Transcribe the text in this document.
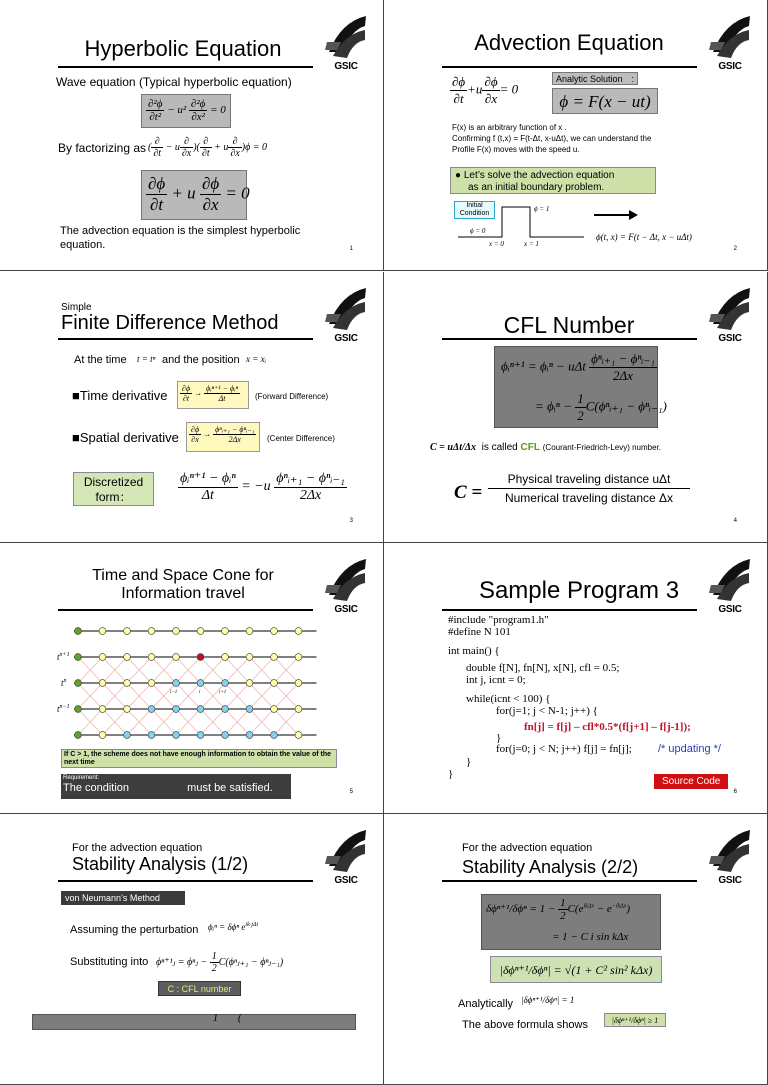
Hyperbolic Equation
GSIC
Wave equation (Typical hyperbolic equation)
$\frac{\text{∂²ϕ}}{\text{∂t²}} - u^2 \frac{\text{∂²ϕ}}{\text{∂x²}} = 0$
By factorizing as ( $\frac{\partial}{\partial t} - u \frac{\partial}{\partial x}$ )( $\frac{\partial}{\partial t} + u \frac{\partial}{\partial x} )\phi = 0$
$\frac{\partial\phi}{\partial t} + u \frac{\partial\phi}{\partial x} = 0$
The advection equation is the simplest hyperbolic equation.	1
Advection Equation
GSIC
$\frac{\partial\phi}{\partial t} +u \frac{\partial\phi}{\partial x} = 0$
Analytic Solution　:
ϕ = F(x − ut)
F(x) is an arbitrary function of x .
Confirming f (t,x) = F(t-Δt, x-uΔt), we can understand the
Profile F(x) moves with the speed u.
● Let’s solve the advection equation
as an initial boundary problem.
Initial
Condition
ϕ = 1
ϕ = 0
x = 0	x = 1
ϕ(t, x) = F(t − Δt, x − uΔt)
2
Simple
Finite Difference Method
GSIC
At the time t = tⁿ and the position x = xᵢ
■Time derivative $\frac{\partial\phi}{\partial t} \to \frac{\text{ϕᵢⁿ⁺¹ − ϕᵢⁿ}}{\Delta t}$ (Forward Difference)
■Spatial derivative $\frac{\partial\phi}{\partial x} \to \frac{\text{ϕⁿᵢ₊₁ − ϕⁿᵢ₋₁}}{2\Delta x}$ (Center Difference)
Discretized form：	$\frac{\text{ϕᵢⁿ⁺¹ − ϕᵢⁿ}}{\Delta t} = -u \frac{\text{ϕⁿᵢ₊₁ − ϕⁿᵢ₋₁}}{2\Delta x}$
3
CFL Number
GSIC
ϕᵢⁿ⁺¹ = ϕᵢⁿ − uΔt $\frac{\text{ϕⁿᵢ₊₁ − ϕⁿᵢ₋₁}}{2\Delta x}$
= ϕᵢⁿ − $\frac{1}{2}$ C(ϕⁿᵢ₊₁ − ϕⁿᵢ₋₁)
C = uΔt/Δx is called CFL (Courant-Friedrich-Levy) number.
C =
Physical traveling distance uΔt
Numerical traveling distance Δx
4
Time and Space Cone for
Information travel
GSIC
$t^{n+1}$
$t^n$
$t^{n-1}$
i−1	i	i+1
If C > 1, the scheme does not have enough information to obtain the value of the next time
Requirement:
The condition	must be satisfied.	5
Sample Program 3
GSIC
#include "program1.h"
#define N 101
int main() {
double f[N], fn[N], x[N], cfl = 0.5;
int j, icnt = 0;
while(icnt < 100) {
for(j=1; j < N-1; j++) {
fn[j] = f[j] – cfl*0.5*(f[j+1] – f[j-1]);
}
for(j=0; j < N; j++) f[j] = fn[j]; /* updating */
}
}
Source Code
6
For the advection equation
Stability Analysis (1/2)
GSIC
von Neumann’s Method
Assuming the perturbation ϕᵢⁿ = δϕⁿ $e^{ik\cdot j\Delta t}$
Substituting into ϕⁿ⁺¹ⱼ = ϕⁿⱼ − $\frac{1}{2}$ C(ϕⁿⱼ₊₁ − ϕⁿⱼ₋₁)
C : CFL number
1        (
For the advection equation
Stability Analysis (2/2)
GSIC
$\delta\phi^{n+1}/\delta\phi^n = 1 - \frac{1}{2} C(e^{ik\Delta x} - e^{-ik\Delta x})$
= 1 − C i sin kΔx
|δϕⁿ⁺¹/δϕⁿ| = √(1 + C² sin² kΔx)
Analytically |δϕⁿ⁺¹/δϕⁿ| = 1
The above formula shows	|δϕⁿ⁺¹/δϕⁿ| ≥ 1
